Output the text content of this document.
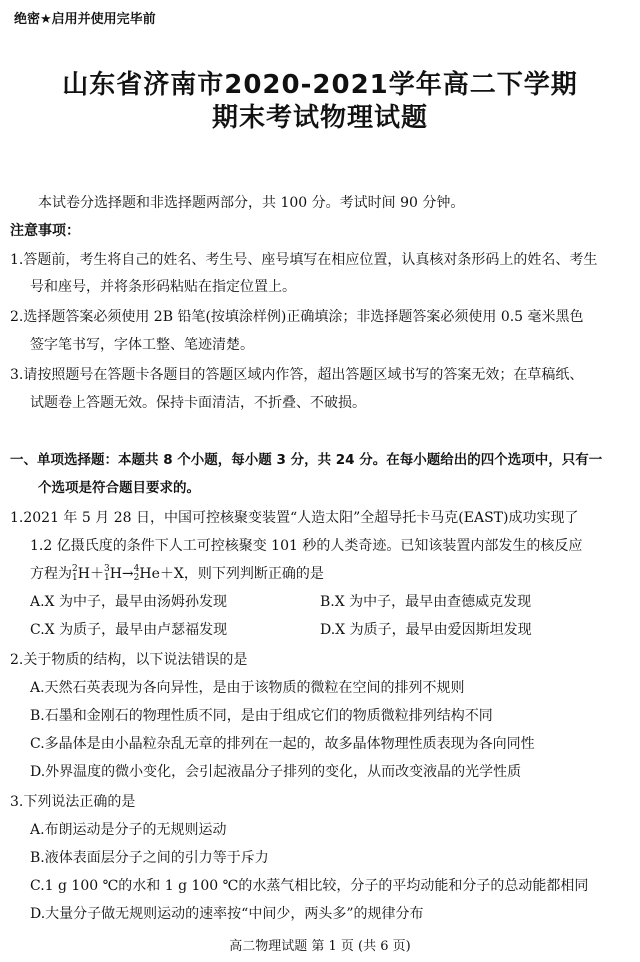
绝密★启用并使用完毕前
山东省济南市2020-2021学年高二下学期
期末考试物理试题
本试卷分选择题和非选择题两部分，共 100 分。考试时间 90 分钟。
注意事项：
1.答题前，考生将自己的姓名、考生号、座号填写在相应位置，认真核对条形码上的姓名、考生
号和座号，并将条形码粘贴在指定位置上。
2.选择题答案必须使用 2B 铅笔(按填涂样例)正确填涂；非选择题答案必须使用 0.5 毫米黑色
签字笔书写，字体工整、笔迹清楚。
3.请按照题号在答题卡各题目的答题区域内作答，超出答题区域书写的答案无效；在草稿纸、
试题卷上答题无效。保持卡面清洁，不折叠、不破损。
一、单项选择题：本题共 8 个小题，每小题 3 分，共 24 分。在每小题给出的四个选项中，只有一
个选项是符合题目要求的。
1.2021 年 5 月 28 日，中国可控核聚变装置“人造太阳”全超导托卡马克(EAST)成功实现了
1.2 亿摄氏度的条件下人工可控核聚变 101 秒的人类奇迹。已知该装置内部发生的核反应
方程为 2
1 H＋ 3
1 H→ 4
2 He＋X，则下列判断正确的是
A.X 为中子，最早由汤姆孙发现	B.X 为中子，最早由查德威克发现
C.X 为质子，最早由卢瑟福发现	D.X 为质子，最早由爱因斯坦发现
2.关于物质的结构，以下说法错误的是
A.天然石英表现为各向异性，是由于该物质的微粒在空间的排列不规则
B.石墨和金刚石的物理性质不同，是由于组成它们的物质微粒排列结构不同
C.多晶体是由小晶粒杂乱无章的排列在一起的，故多晶体物理性质表现为各向同性
D.外界温度的微小变化，会引起液晶分子排列的变化，从而改变液晶的光学性质
3.下列说法正确的是
A.布朗运动是分子的无规则运动
B.液体表面层分子之间的引力等于斥力
C.1 g 100 ℃的水和 1 g 100 ℃的水蒸气相比较，分子的平均动能和分子的总动能都相同
D.大量分子做无规则运动的速率按“中间少，两头多”的规律分布
高二物理试题 第 1 页 (共 6 页)
